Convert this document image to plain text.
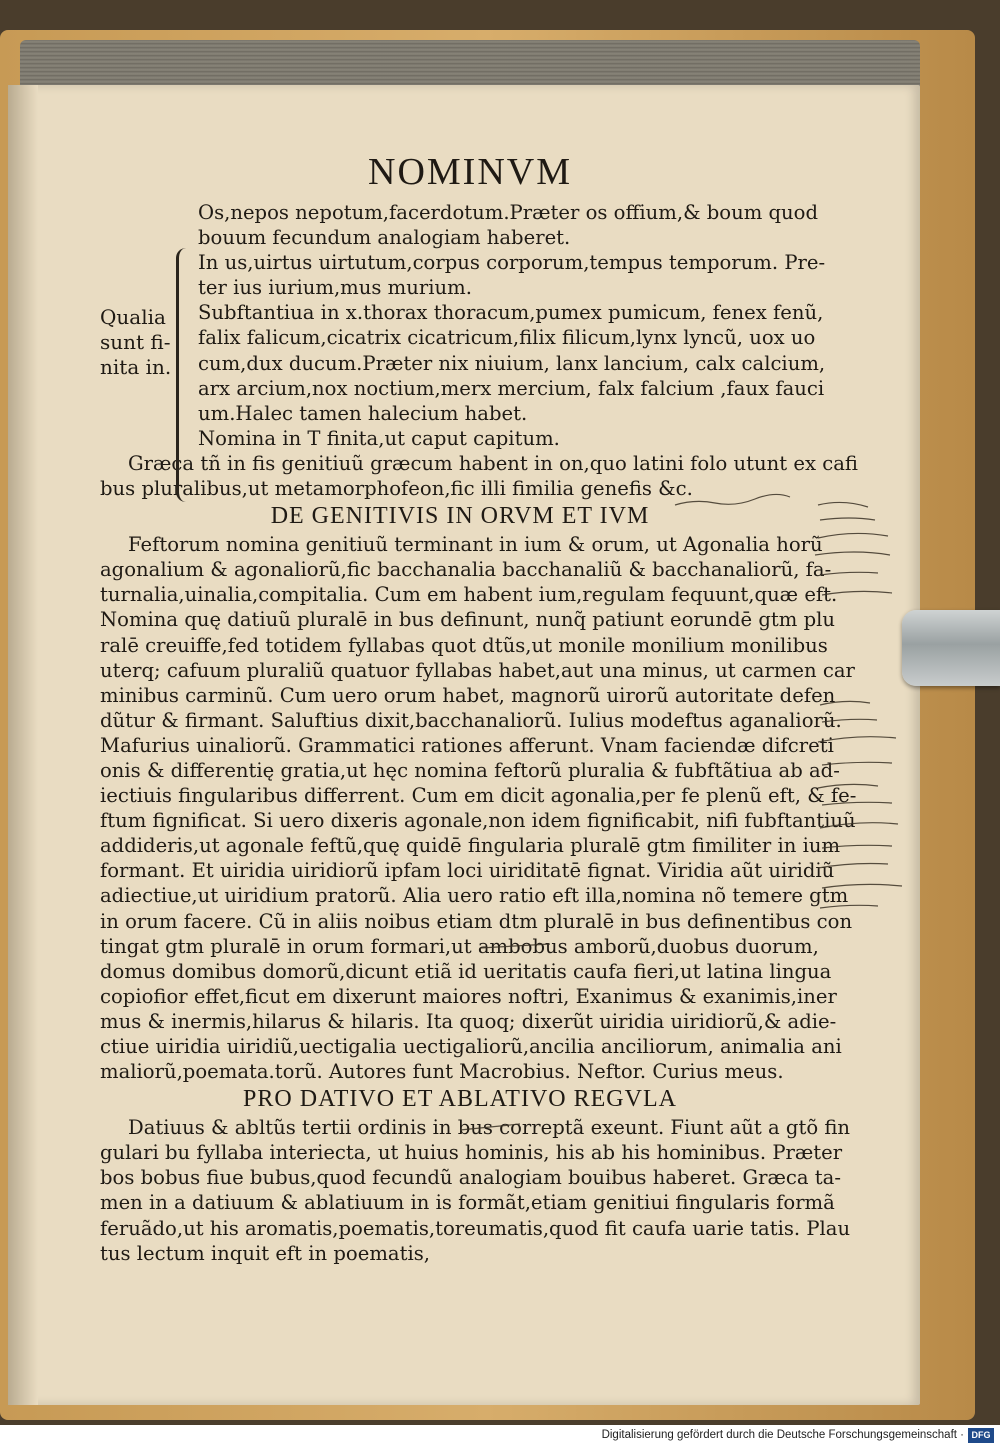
NOMINVM
Qualia
sunt fi-
nita in.

Os,nepos nepotum,facerdotum.Præter os offium,& boum quod

bouum fecundum analogiam haberet.

In us,uirtus uirtutum,corpus corporum,tempus temporum. Pre-

ter ius iurium,mus murium.

Subftantiua in x.thorax thoracum,pumex pumicum, fenex fenũ,

falix falicum,cicatrix cicatricum,filix filicum,lynx lyncũ, uox uo

cum,dux ducum.Præter nix niuium, lanx lancium, calx calcium,

arx arcium,nox noctium,merx mercium, falx falcium ,faux fauci

um.Halec tamen halecium habet.

Nomina in T finita,ut caput capitum.

Græca tñ in fis genitiuũ græcum habent in on,quo latini folo utunt ex cafi

bus pluralibus,ut metamorphofeon,fic illi fimilia genefis &c.

DE GENITIVIS IN ORVM ET IVM

Feftorum nomina genitiuũ terminant in ium & orum, ut Agonalia horũ

agonalium & agonaliorũ,fic bacchanalia bacchanaliũ & bacchanaliorũ, fa-

turnalia,uinalia,compitalia. Cum em habent ium,regulam fequunt,quæ eft.

Nomina quę datiuũ pluralē in bus definunt, nunq̃ patiunt eorundē gtm plu

ralē creuiffe,fed totidem fyllabas quot dtũs,ut monile monilium monilibus

uterq; cafuum pluraliũ quatuor fyllabas habet,aut una minus, ut carmen car

minibus carminũ. Cum uero orum habet, magnorũ uirorũ autoritate defen

dũtur & firmant. Saluftius dixit,bacchanaliorũ. Iulius modeftus aganaliorũ.

Mafurius uinaliorũ. Grammatici rationes afferunt. Vnam faciendæ difcreti

onis & differentię gratia,ut hęc nomina feftorũ pluralia & fubftãtiua ab ad-

iectiuis fingularibus differrent. Cum em dicit agonalia,per fe plenũ eft, & fe-

ftum fignificat. Si uero dixeris agonale,non idem fignificabit, nifi fubftantiuũ

addideris,ut agonale feftũ,quę quidē fingularia pluralē gtm fimiliter in ium

formant. Et uiridia uiridiorũ ipfam loci uiriditatē fignat. Viridia aũt uiridiũ

adiectiue,ut uiridium pratorũ. Alia uero ratio eft illa,nomina nõ temere gtm

in orum facere. Cũ in aliis noibus etiam dtm pluralē in bus definentibus con

tingat gtm pluralē in orum formari,ut ambobus amborũ,duobus duorum,

domus domibus domorũ,dicunt etiã id ueritatis caufa fieri,ut latina lingua

copiofior effet,ficut em dixerunt maiores noftri, Exanimus & exanimis,iner

mus & inermis,hilarus & hilaris. Ita quoq; dixerũt uiridia uiridiorũ,& adie-

ctiue uiridia uiridiũ,uectigalia uectigaliorũ,ancilia anciliorum, animalia ani

maliorũ,poemata.torũ. Autores funt Macrobius. Neftor. Curius meus.

PRO DATIVO ET ABLATIVO REGVLA

Datiuus & abltũs tertii ordinis in bus correptã exeunt. Fiunt aũt a gtõ fin

gulari bu fyllaba interiecta, ut huius hominis, his ab his hominibus. Præter

bos bobus fiue bubus,quod fecundũ analogiam bouibus haberet. Græca ta-

men in a datiuum & ablatiuum in is formãt,etiam genitiui fingularis formã

feruãdo,ut his aromatis,poematis,toreumatis,quod fit caufa uarie tatis. Plau

tus lectum inquit eft in poematis,

Digitalisierung gefördert durch die Deutsche Forschungsgemeinschaft · DFG
